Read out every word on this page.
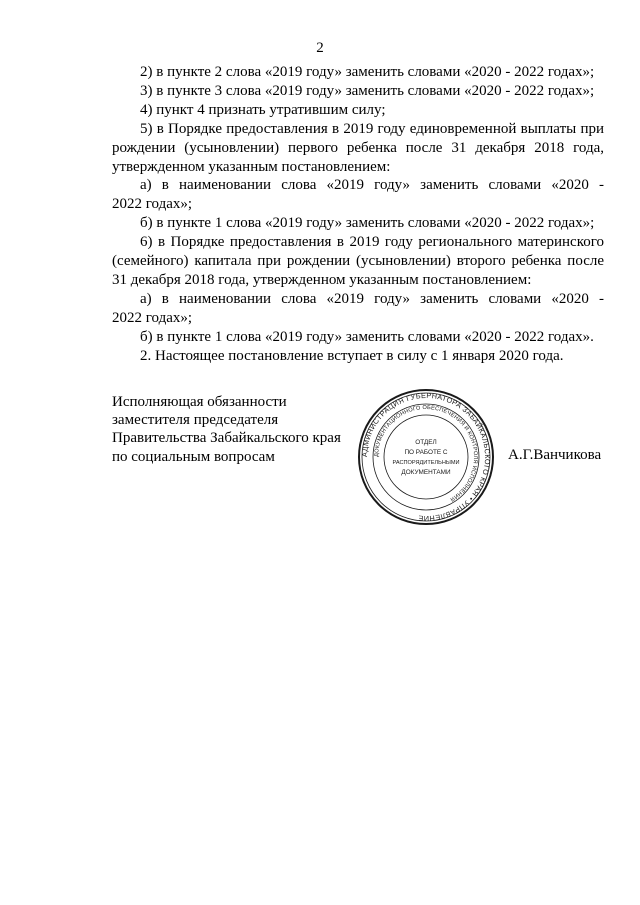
2

2) в пункте 2 слова «2019 году» заменить словами «2020 - 2022 годах»;

3) в пункте 3 слова «2019 году» заменить словами «2020 - 2022 годах»;

4) пункт 4 признать утратившим силу;

5) в Порядке предоставления в 2019 году единовременной выплаты при рождении (усыновлении) первого ребенка после 31 декабря 2018 года, утвержденном указанным постановлением:

а) в наименовании слова «2019 году» заменить словами «2020 -

2022 годах»;

б) в пункте 1 слова «2019 году» заменить словами «2020 - 2022 годах»;

6) в Порядке предоставления в 2019 году регионального материнского (семейного) капитала при рождении (усыновлении) второго ребенка после 31 декабря 2018 года, утвержденном указанным постановлением:

а) в наименовании слова «2019 году» заменить словами «2020 -

2022 годах»;

б) в пункте 1 слова «2019 году» заменить словами «2020 - 2022 годах».

2. Настоящее постановление вступает в силу с 1 января 2020 года.

Исполняющая обязанности
заместителя председателя
Правительства Забайкальского края
по социальным вопросам	А.Г.Ванчикова
АДМИНИСТРАЦИЯ ГУБЕРНАТОРА ЗАБАЙКАЛЬСКОГО КРАЯ • УПРАВЛЕНИЕ
ДОКУМЕНТАЦИОННОГО ОБЕСПЕЧЕНИЯ И КОНТРОЛЯ ИСПОЛНЕНИЯ
ОТДЕЛ
ПО РАБОТЕ С
РАСПОРЯДИТЕЛЬНЫМИ
ДОКУМЕНТАМИ
